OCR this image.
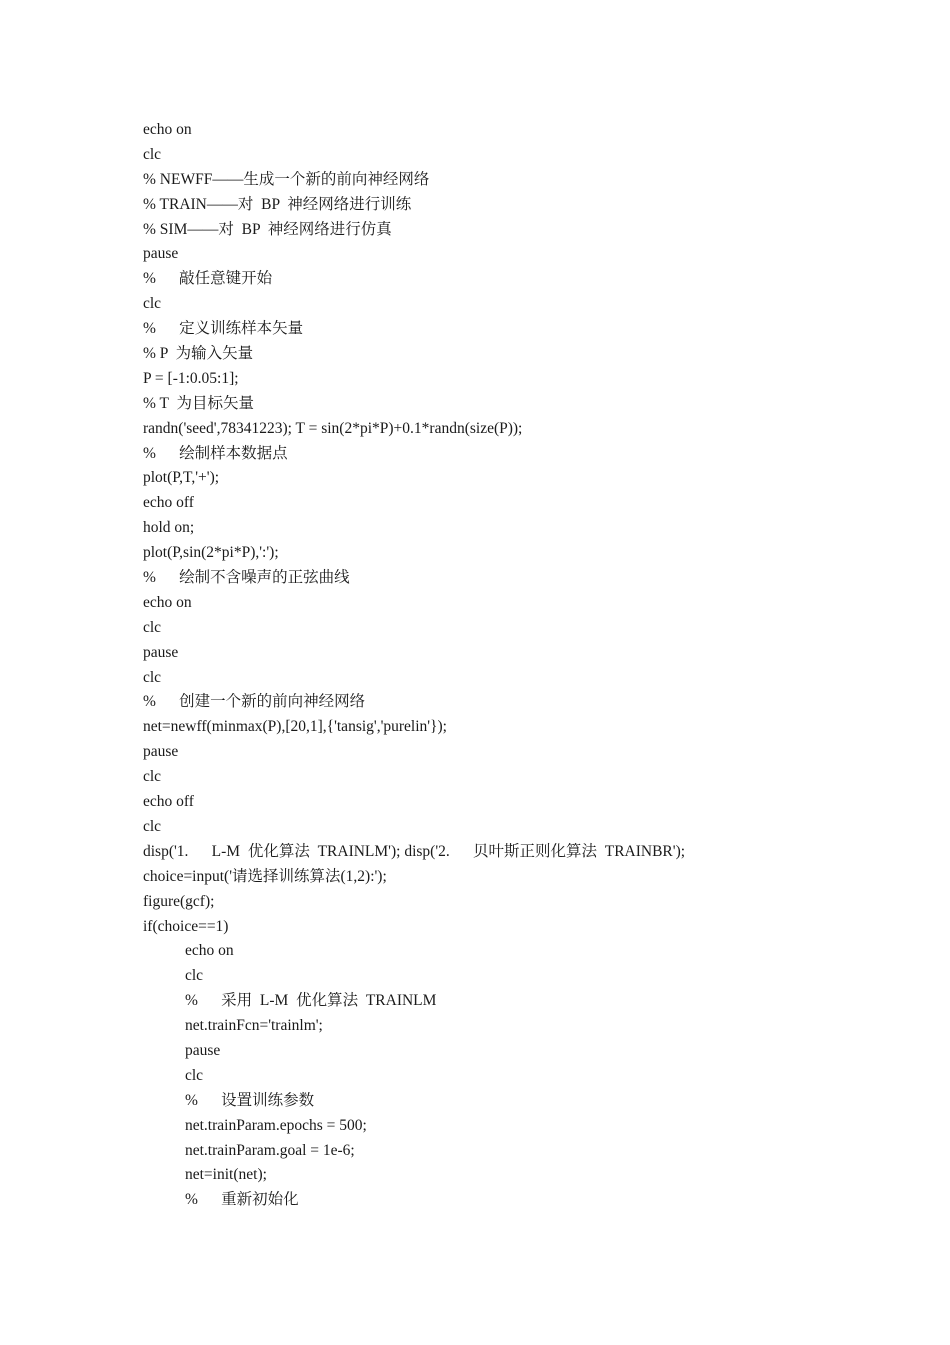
echo on
clc
% NEWFF——生成一个新的前向神经网络
% TRAIN——对  BP  神经网络进行训练
% SIM——对  BP  神经网络进行仿真
pause
%      敲任意键开始
clc
%      定义训练样本矢量
% P  为输入矢量
P = [-1:0.05:1];
% T  为目标矢量
randn('seed',78341223); T = sin(2*pi*P)+0.1*randn(size(P));
%      绘制样本数据点
plot(P,T,'+');
echo off
hold on;
plot(P,sin(2*pi*P),':');
%      绘制不含噪声的正弦曲线
echo on
clc
pause
clc
%      创建一个新的前向神经网络
net=newff(minmax(P),[20,1],{'tansig','purelin'});
pause
clc
echo off
clc
disp('1.      L-M  优化算法  TRAINLM'); disp('2.      贝叶斯正则化算法  TRAINBR');
choice=input('请选择训练算法(1,2):');
figure(gcf);
if(choice==1)
echo on
clc
%      采用  L-M  优化算法  TRAINLM
net.trainFcn='trainlm';
pause
clc
%      设置训练参数
net.trainParam.epochs = 500;
net.trainParam.goal = 1e-6;
net=init(net);
%      重新初始化
